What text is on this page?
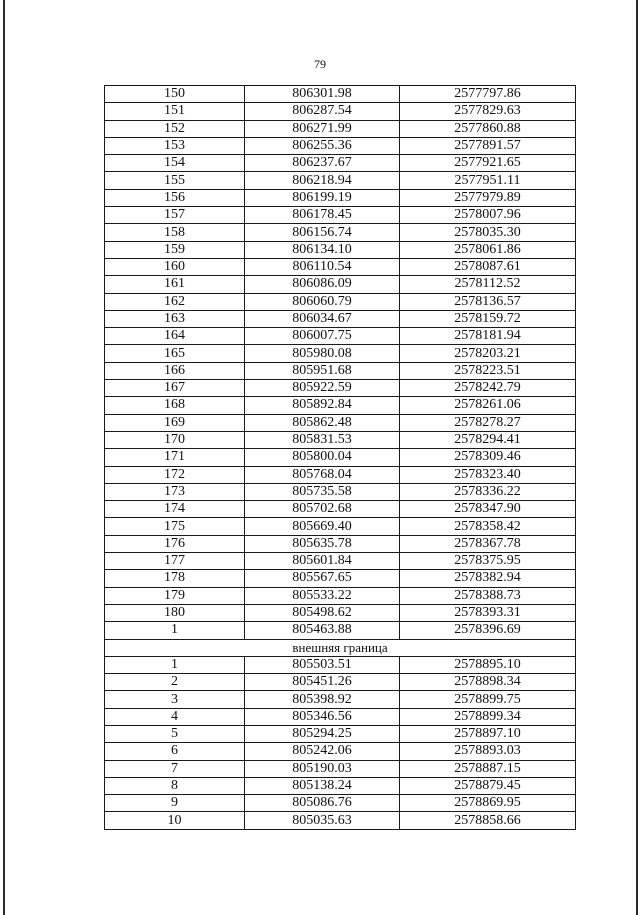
79
150	806301.98	2577797.86
151	806287.54	2577829.63
152	806271.99	2577860.88
153	806255.36	2577891.57
154	806237.67	2577921.65
155	806218.94	2577951.11
156	806199.19	2577979.89
157	806178.45	2578007.96
158	806156.74	2578035.30
159	806134.10	2578061.86
160	806110.54	2578087.61
161	806086.09	2578112.52
162	806060.79	2578136.57
163	806034.67	2578159.72
164	806007.75	2578181.94
165	805980.08	2578203.21
166	805951.68	2578223.51
167	805922.59	2578242.79
168	805892.84	2578261.06
169	805862.48	2578278.27
170	805831.53	2578294.41
171	805800.04	2578309.46
172	805768.04	2578323.40
173	805735.58	2578336.22
174	805702.68	2578347.90
175	805669.40	2578358.42
176	805635.78	2578367.78
177	805601.84	2578375.95
178	805567.65	2578382.94
179	805533.22	2578388.73
180	805498.62	2578393.31
1	805463.88	2578396.69
внешняя граница		
1	805503.51	2578895.10
2	805451.26	2578898.34
3	805398.92	2578899.75
4	805346.56	2578899.34
5	805294.25	2578897.10
6	805242.06	2578893.03
7	805190.03	2578887.15
8	805138.24	2578879.45
9	805086.76	2578869.95
10	805035.63	2578858.66
